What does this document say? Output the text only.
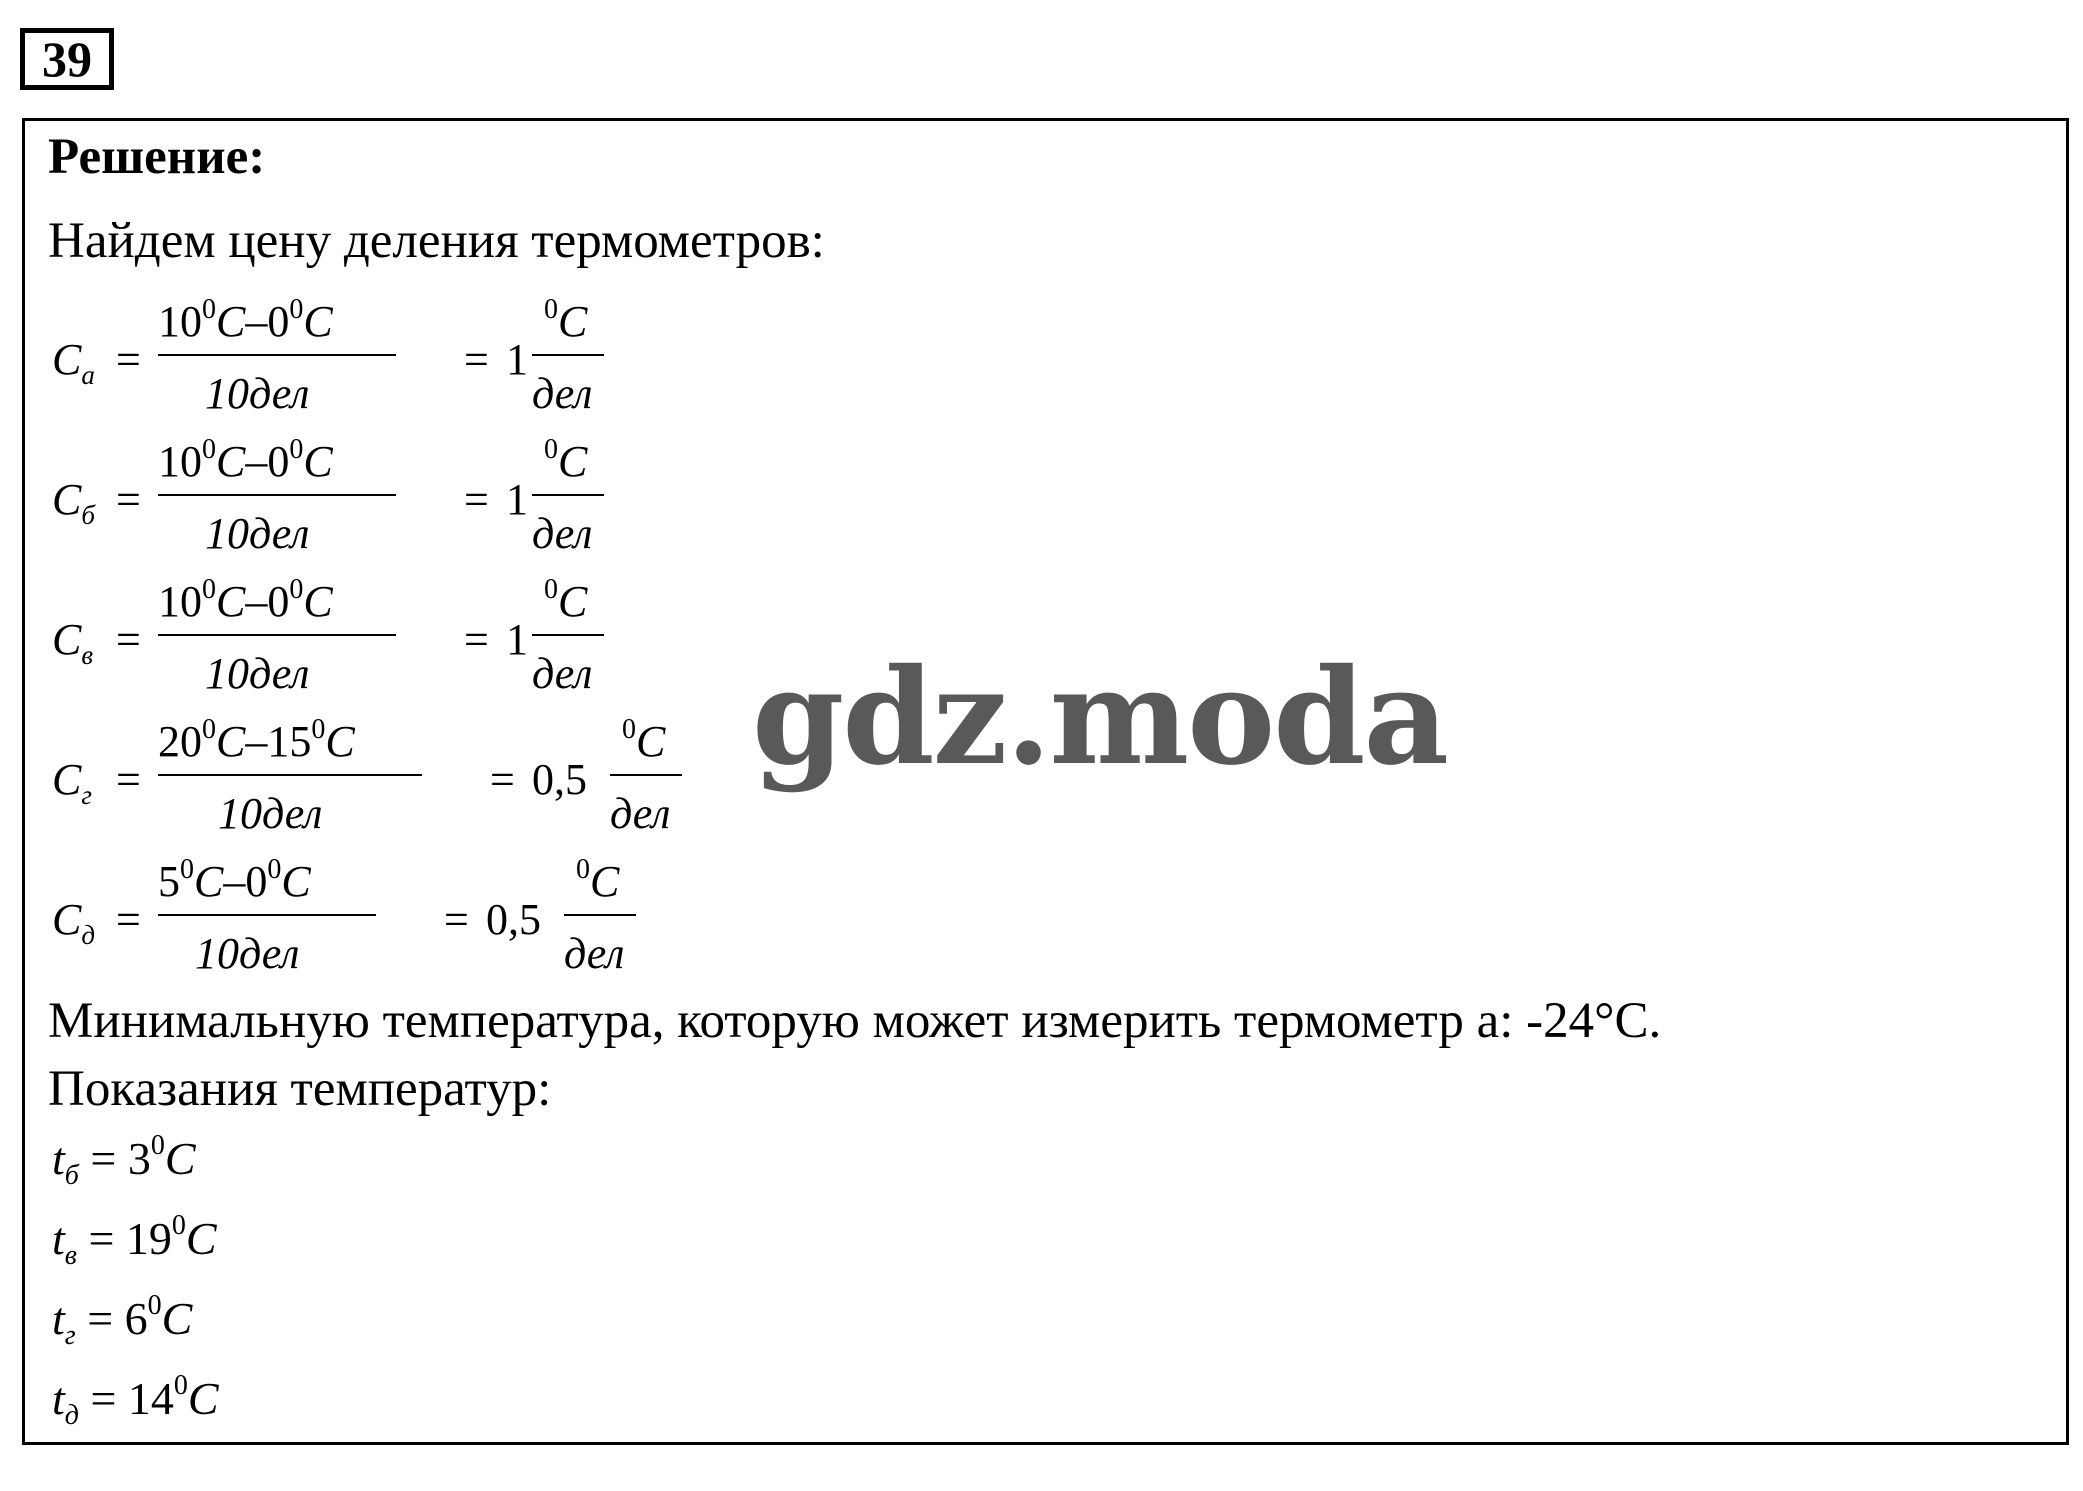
39
Решение:
Найдем цену деления термометров:
$C_а$ =
$10^0C-0^0C$
10дел
= 1
$^0$C
дел
$C_б$ =
$10^0C-0^0C$
10дел
= 1
$^0$C
дел
$C_в$ =
$10^0C-0^0C$
10дел
= 1
$^0$C
дел
$C_г$ =
$20^0C-15^0C$
10дел
= 0,5
$^0$C
дел
$C_д$ =
$5^0C-0^0C$
10дел
= 0,5
$^0$C
дел
Минимальную температура, которую может измерить термометр а: -24°С.
Показания температур:
$t_б = 3^0C$
$t_в = 19^0C$
$t_г = 6^0C$
$t_д = 14^0C$
gdz.moda
